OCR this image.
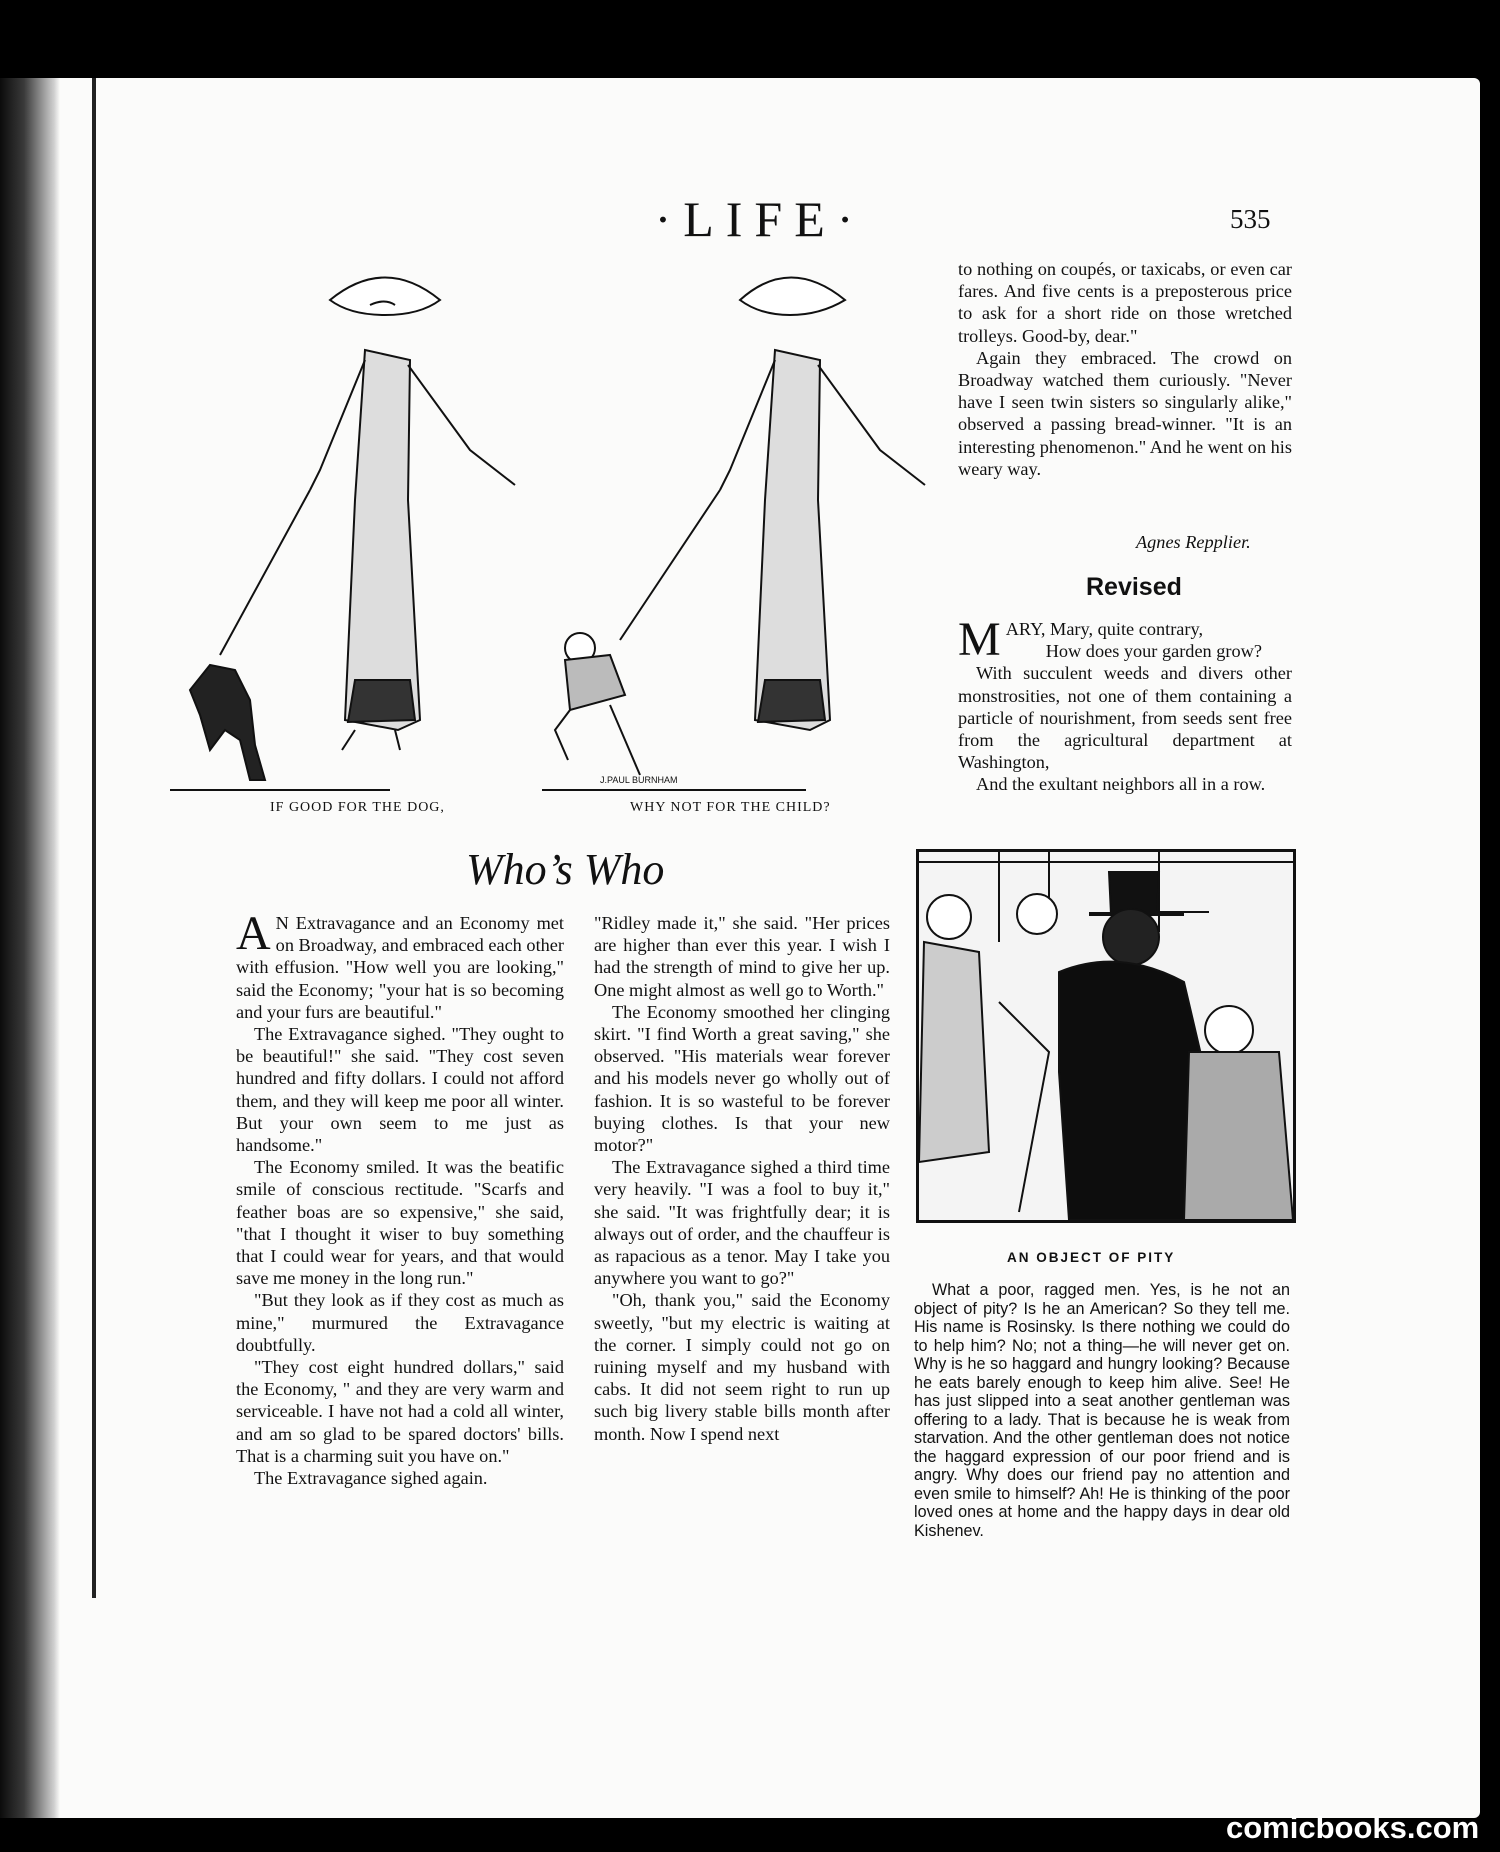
·LIFE·	535
J.PAUL BURNHAM
IF GOOD FOR THE DOG,	WHY NOT FOR THE CHILD?

to nothing on coupés, or taxicabs, or even car fares. And five cents is a preposterous price to ask for a short ride on those wretched trolleys. Good-by, dear."

Again they embraced. The crowd on Broadway watched them curiously. "Never have I seen twin sisters so singularly alike," observed a passing bread-winner. "It is an interesting phenomenon." And he went on his weary way.

Agnes Repplier.
Revised

MARY, Mary, quite contrary,

How does your garden grow?

With succulent weeds and divers other monstrosities, not one of them containing a particle of nourishment, from seeds sent free from the agricultural department at Washington,

And the exultant neighbors all in a row.

Who’s Who

A N Extravagance and an Economy met on Broadway, and embraced each other with effusion. "How well you are looking," said the Economy; "your hat is so becoming and your furs are beautiful."

The Extravagance sighed. "They ought to be beautiful!" she said. "They cost seven hundred and fifty dollars. I could not afford them, and they will keep me poor all winter. But your own seem to me just as handsome."

The Economy smiled. It was the beatific smile of conscious rectitude. "Scarfs and feather boas are so expensive," she said, "that I thought it wiser to buy something that I could wear for years, and that would save me money in the long run."

"But they look as if they cost as much as mine," murmured the Extravagance doubtfully.

"They cost eight hundred dollars," said the Economy, " and they are very warm and serviceable. I have not had a cold all winter, and am so glad to be spared doctors' bills. That is a charming suit you have on."

The Extravagance sighed again.

"Ridley made it," she said. "Her prices are higher than ever this year. I wish I had the strength of mind to give her up. One might almost as well go to Worth."

The Economy smoothed her clinging skirt. "I find Worth a great saving," she observed. "His materials wear forever and his models never go wholly out of fashion. It is so wasteful to be forever buying clothes. Is that your new motor?"

The Extravagance sighed a third time very heavily. "I was a fool to buy it," she said. "It was frightfully dear; it is always out of order, and the chauffeur is as rapacious as a tenor. May I take you anywhere you want to go?"

"Oh, thank you," said the Economy sweetly, "but my electric is waiting at the corner. I simply could not go on ruining myself and my husband with cabs. It did not seem right to run up such big livery stable bills month after month. Now I spend next

AN OBJECT OF PITY
What a poor, ragged men. Yes, is he not an object of pity? Is he an American? So they tell me. His name is Rosinsky. Is there nothing we could do to help him? No; not a thing—he will never get on. Why is he so haggard and hungry looking? Because he eats barely enough to keep him alive. See! He has just slipped into a seat another gentleman was offering to a lady. That is because he is weak from starvation. And the other gentleman does not notice the haggard expression of our poor friend and is angry. Why does our friend pay no attention and even smile to himself? Ah! He is thinking of the poor loved ones at home and the happy days in dear old Kishenev.
comicbooks.com
